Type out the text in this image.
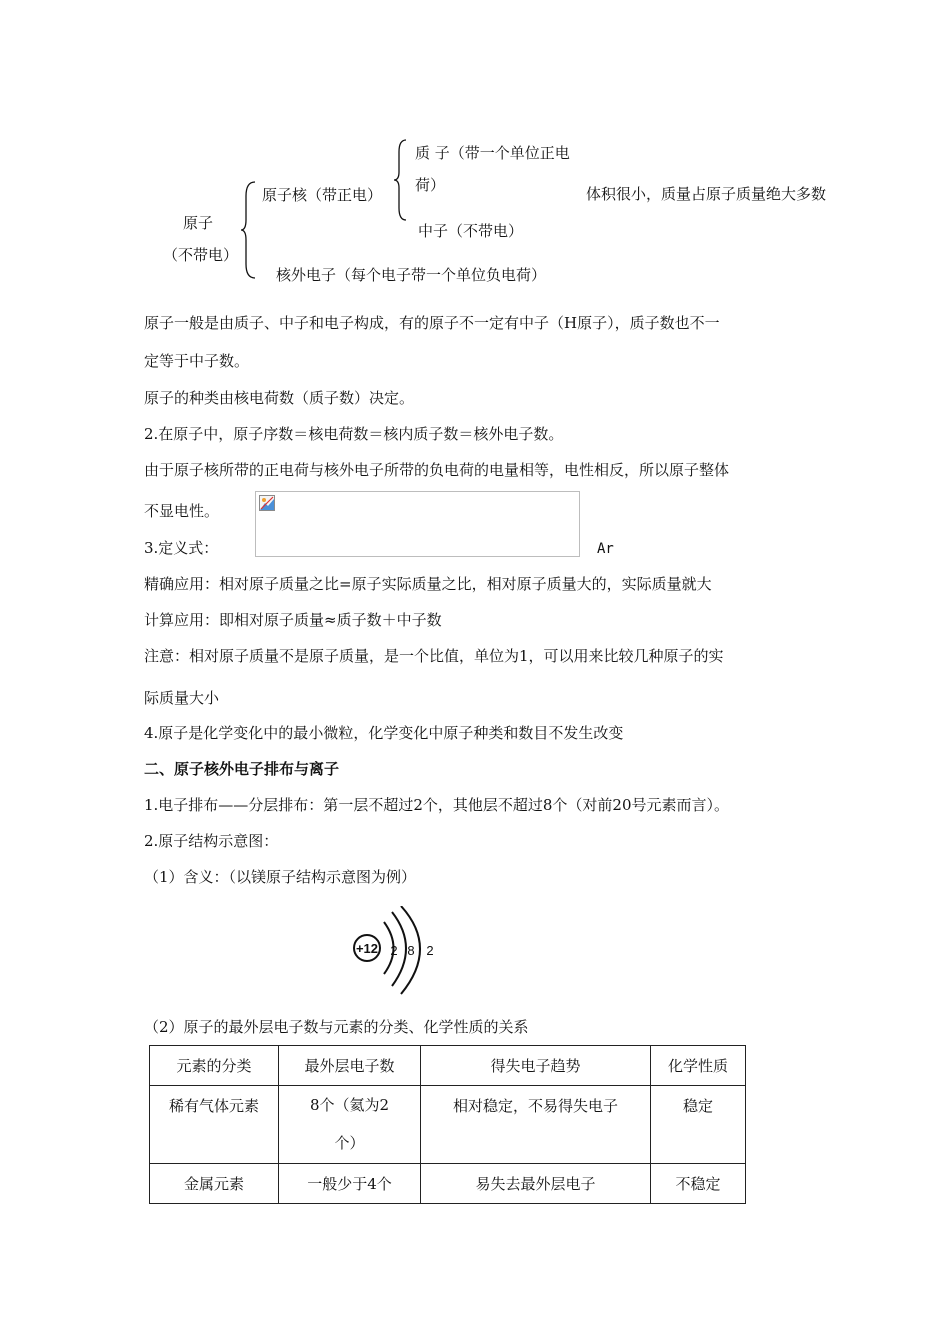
原子
（不带电）
原子核（带正电）
质 子（带一个单位正电
荷）
中子（不带电）
核外电子（每个电子带一个单位负电荷）
体积很小，质量占原子质量绝大多数
原子一般是由质子、中子和电子构成，有的原子不一定有中子（H原子），质子数也不一
定等于中子数。
原子的种类由核电荷数（质子数）决定。
2.在原子中，原子序数＝核电荷数＝核内质子数＝核外电子数。
由于原子核所带的正电荷与核外电子所带的负电荷的电量相等，电性相反，所以原子整体
不显电性。
3.定义式：	Ar
精确应用：相对原子质量之比=原子实际质量之比，相对原子质量大的，实际质量就大
计算应用：即相对原子质量≈质子数＋中子数
注意：相对原子质量不是原子质量，是一个比值，单位为1，可以用来比较几种原子的实
际质量大小
4.原子是化学变化中的最小微粒，化学变化中原子种类和数目不发生改变
二、原子核外电子排布与离子
1.电子排布——分层排布：第一层不超过2个，其他层不超过8个（对前20号元素而言）。
2.原子结构示意图：
（1）含义：（以镁原子结构示意图为例）
+12 2 8 2
（2）原子的最外层电子数与元素的分类、化学性质的关系
元素的分类	最外层电子数	得失电子趋势	化学性质

稀有气体元素	8个（氦为2个）	相对稳定，不易得失电子	稳定

金属元素	一般少于4个	易失去最外层电子	不稳定
